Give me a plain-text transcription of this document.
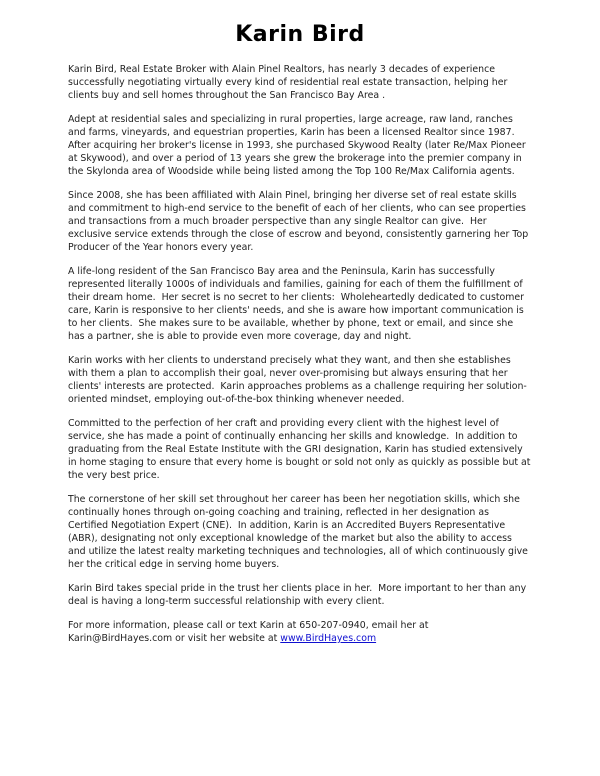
Karin Bird

Karin Bird, Real Estate Broker with Alain Pinel Realtors, has nearly 3 decades of experience successfully negotiating virtually every kind of residential real estate transaction, helping her clients buy and sell homes throughout the San Francisco Bay Area .

Adept at residential sales and specializing in rural properties, large acreage, raw land, ranches and farms, vineyards, and equestrian properties, Karin has been a licensed Realtor since 1987.  After acquiring her broker's license in 1993, she purchased Skywood Realty (later Re/Max Pioneer at Skywood), and over a period of 13 years she grew the brokerage into the premier company in the Skylonda area of Woodside while being listed among the Top 100 Re/Max California agents.

Since 2008, she has been affiliated with Alain Pinel, bringing her diverse set of real estate skills and commitment to high-end service to the benefit of each of her clients, who can see properties and transactions from a much broader perspective than any single Realtor can give.  Her exclusive service extends through the close of escrow and beyond, consistently garnering her Top Producer of the Year honors every year.

A life-long resident of the San Francisco Bay area and the Peninsula, Karin has successfully represented literally 1000s of individuals and families, gaining for each of them the fulfillment of their dream home.  Her secret is no secret to her clients:  Wholeheartedly dedicated to customer care, Karin is responsive to her clients' needs, and she is aware how important communication is to her clients.  She makes sure to be available, whether by phone, text or email, and since she has a partner, she is able to provide even more coverage, day and night.

Karin works with her clients to understand precisely what they want, and then she establishes with them a plan to accomplish their goal, never over-promising but always ensuring that her clients' interests are protected.  Karin approaches problems as a challenge requiring her solution-oriented mindset, employing out-of-the-box thinking whenever needed.

Committed to the perfection of her craft and providing every client with the highest level of service, she has made a point of continually enhancing her skills and knowledge.  In addition to graduating from the Real Estate Institute with the GRI designation, Karin has studied extensively in home staging to ensure that every home is bought or sold not only as quickly as possible but at the very best price.

The cornerstone of her skill set throughout her career has been her negotiation skills, which she continually hones through on-going coaching and training, reflected in her designation as Certified Negotiation Expert (CNE).  In addition, Karin is an Accredited Buyers Representative (ABR), designating not only exceptional knowledge of the market but also the ability to access and utilize the latest realty marketing techniques and technologies, all of which continuously give her the critical edge in serving home buyers.

Karin Bird takes special pride in the trust her clients place in her.  More important to her than any deal is having a long-term successful relationship with every client.

For more information, please call or text Karin at 650-207-0940, email her at Karin@BirdHayes.com or visit her website at www.BirdHayes.com
